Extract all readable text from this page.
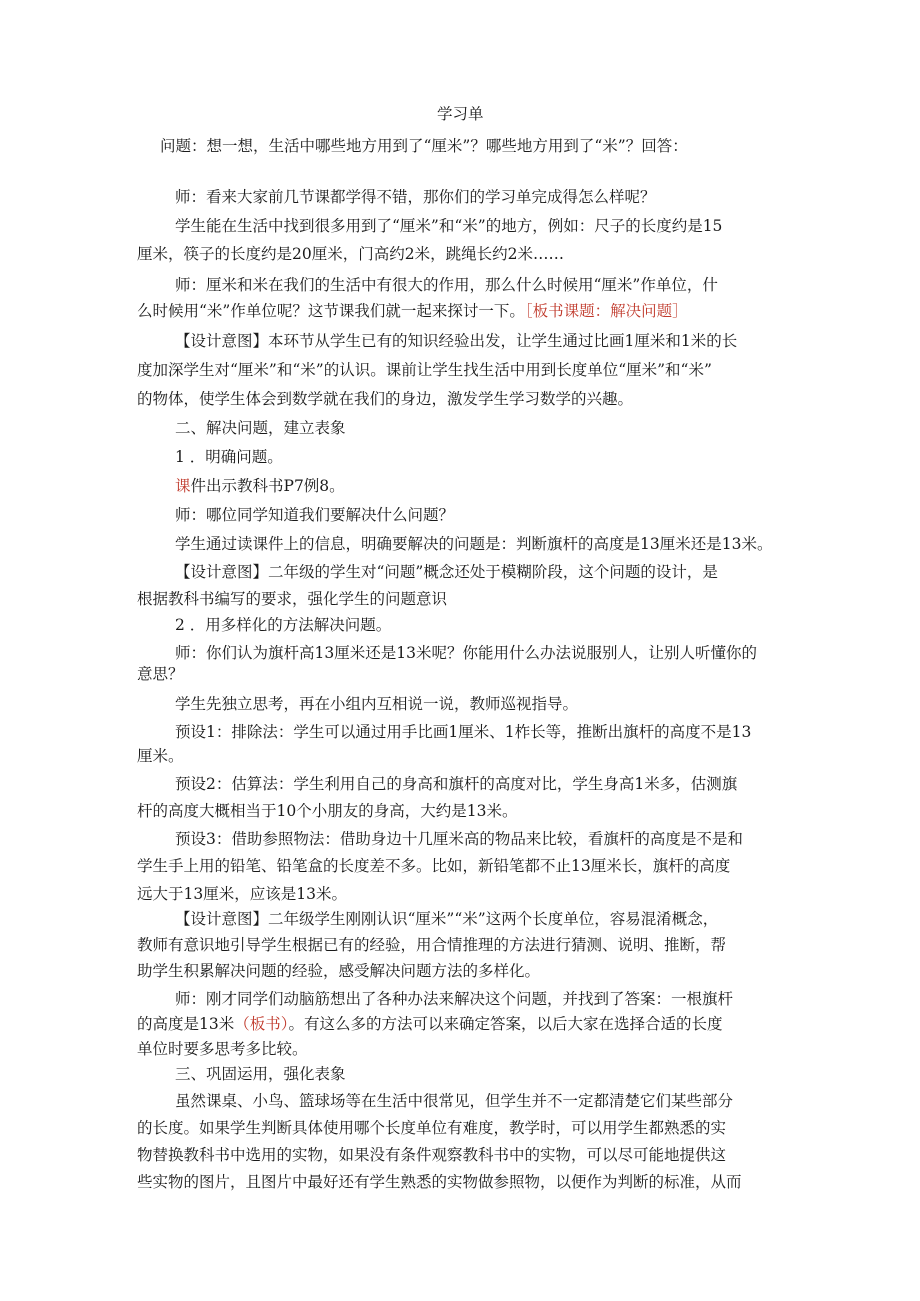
学习单
问题：想一想，生活中哪些地方用到了“厘米”？哪些地方用到了“米”？回答：
师：看来大家前几节课都学得不错，那你们的学习单完成得怎么样呢？
学生能在生活中找到很多用到了“厘米”和“米”的地方，例如：尺子的长度约是15
厘米，筷子的长度约是20厘米，门高约2米，跳绳长约2米……
师：厘米和米在我们的生活中有很大的作用，那么什么时候用“厘米”作单位，什
么时候用“米”作单位呢？这节课我们就一起来探讨一下。［板书课题：解决问题］
【设计意图】本环节从学生已有的知识经验出发，让学生通过比画1厘米和1米的长
度加深学生对“厘米”和“米”的认识。课前让学生找生活中用到长度单位“厘米”和“米”
的物体，使学生体会到数学就在我们的身边，激发学生学习数学的兴趣。
二、解决问题，建立表象
1 ．明确问题。
课件出示教科书P7例8。
师：哪位同学知道我们要解决什么问题？
学生通过读课件上的信息，明确要解决的问题是：判断旗杆的高度是13厘米还是13米。
【设计意图】二年级的学生对“问题”概念还处于模糊阶段，这个问题的设计，是
根据教科书编写的要求，强化学生的问题意识
2 ．用多样化的方法解决问题。
师：你们认为旗杆高13厘米还是13米呢？你能用什么办法说服别人，让别人听懂你的
意思？
学生先独立思考，再在小组内互相说一说，教师巡视指导。
预设1：排除法：学生可以通过用手比画1厘米、1柞长等，推断出旗杆的高度不是13
厘米。
预设2：估算法：学生利用自己的身高和旗杆的高度对比，学生身高1米多，估测旗
杆的高度大概相当于10个小朋友的身高，大约是13米。
预设3：借助参照物法：借助身边十几厘米高的物品来比较，看旗杆的高度是不是和
学生手上用的铅笔、铅笔盒的长度差不多。比如，新铅笔都不止13厘米长，旗杆的高度
远大于13厘米，应该是13米。
【设计意图】二年级学生刚刚认识“厘米”“米”这两个长度单位，容易混淆概念，
教师有意识地引导学生根据已有的经验，用合情推理的方法进行猜测、说明、推断，帮
助学生积累解决问题的经验，感受解决问题方法的多样化。
师：刚才同学们动脑筋想出了各种办法来解决这个问题，并找到了答案：一根旗杆
的高度是13米（板书）。有这么多的方法可以来确定答案，以后大家在选择合适的长度
单位时要多思考多比较。
三、巩固运用，强化表象
虽然课桌、小鸟、篮球场等在生活中很常见，但学生并不一定都清楚它们某些部分
的长度。如果学生判断具体使用哪个长度单位有难度，教学时，可以用学生都熟悉的实
物替换教科书中选用的实物，如果没有条件观察教科书中的实物，可以尽可能地提供这
些实物的图片，且图片中最好还有学生熟悉的实物做参照物，以便作为判断的标准，从而
